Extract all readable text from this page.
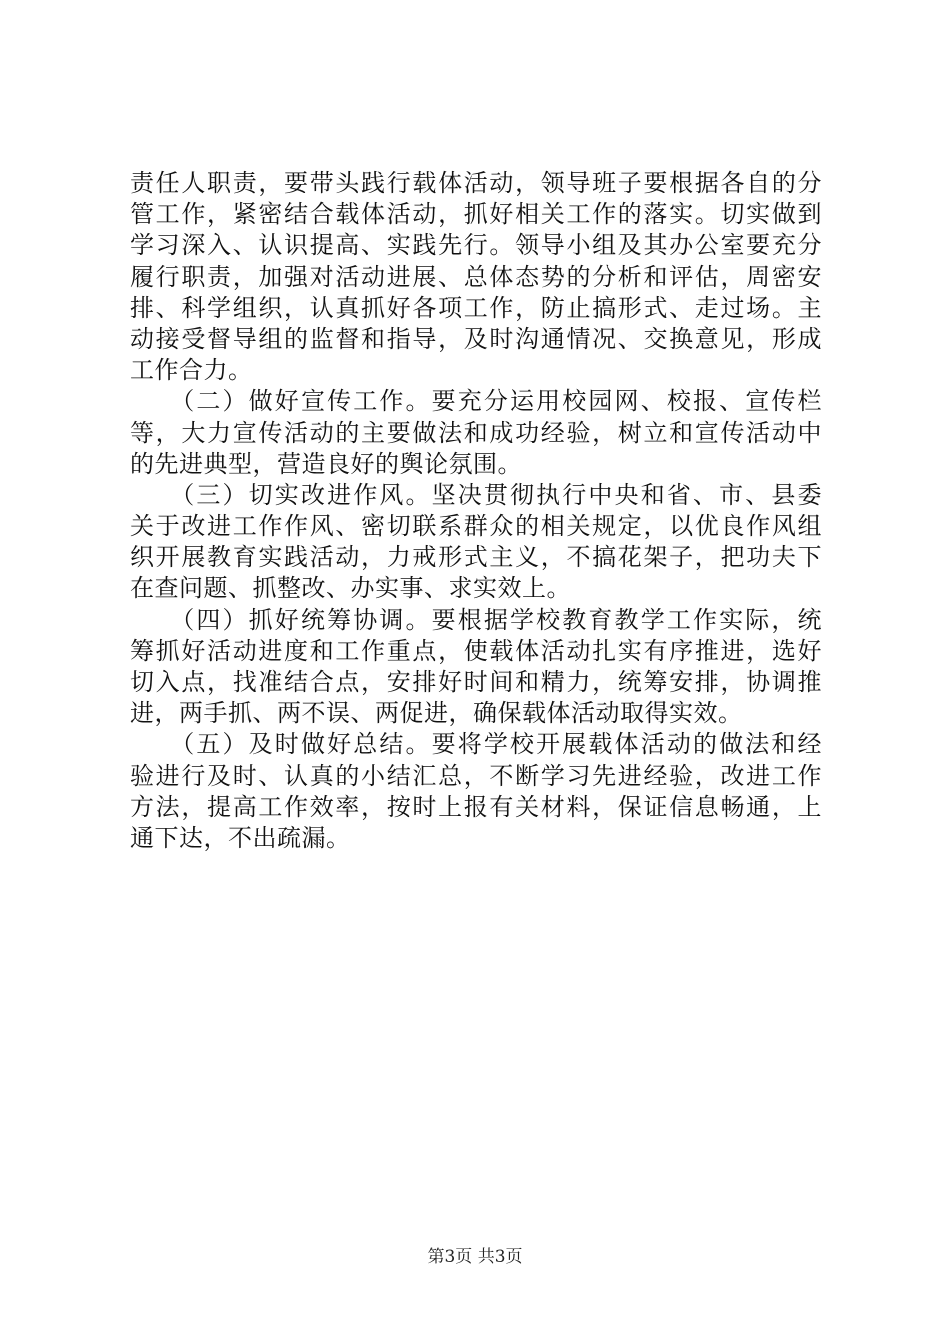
责任人职责，要带头践行载体活动，领导班子要根据各自的分
管工作，紧密结合载体活动，抓好相关工作的落实。切实做到
学习深入、认识提高、实践先行。领导小组及其办公室要充分
履行职责，加强对活动进展、总体态势的分析和评估，周密安
排、科学组织，认真抓好各项工作，防止搞形式、走过场。主
动接受督导组的监督和指导，及时沟通情况、交换意见，形成
工作合力。
　　（二）做好宣传工作。要充分运用校园网、校报、宣传栏
等，大力宣传活动的主要做法和成功经验，树立和宣传活动中
的先进典型，营造良好的舆论氛围。
　　（三）切实改进作风。坚决贯彻执行中央和省、市、县委
关于改进工作作风、密切联系群众的相关规定，以优良作风组
织开展教育实践活动，力戒形式主义，不搞花架子，把功夫下
在查问题、抓整改、办实事、求实效上。
　　（四）抓好统筹协调。要根据学校教育教学工作实际，统
筹抓好活动进度和工作重点，使载体活动扎实有序推进，选好
切入点，找准结合点，安排好时间和精力，统筹安排，协调推
进，两手抓、两不误、两促进，确保载体活动取得实效。
　　（五）及时做好总结。要将学校开展载体活动的做法和经
验进行及时、认真的小结汇总，不断学习先进经验，改进工作
方法，提高工作效率，按时上报有关材料，保证信息畅通，上
通下达，不出疏漏。
第3页 共3页
